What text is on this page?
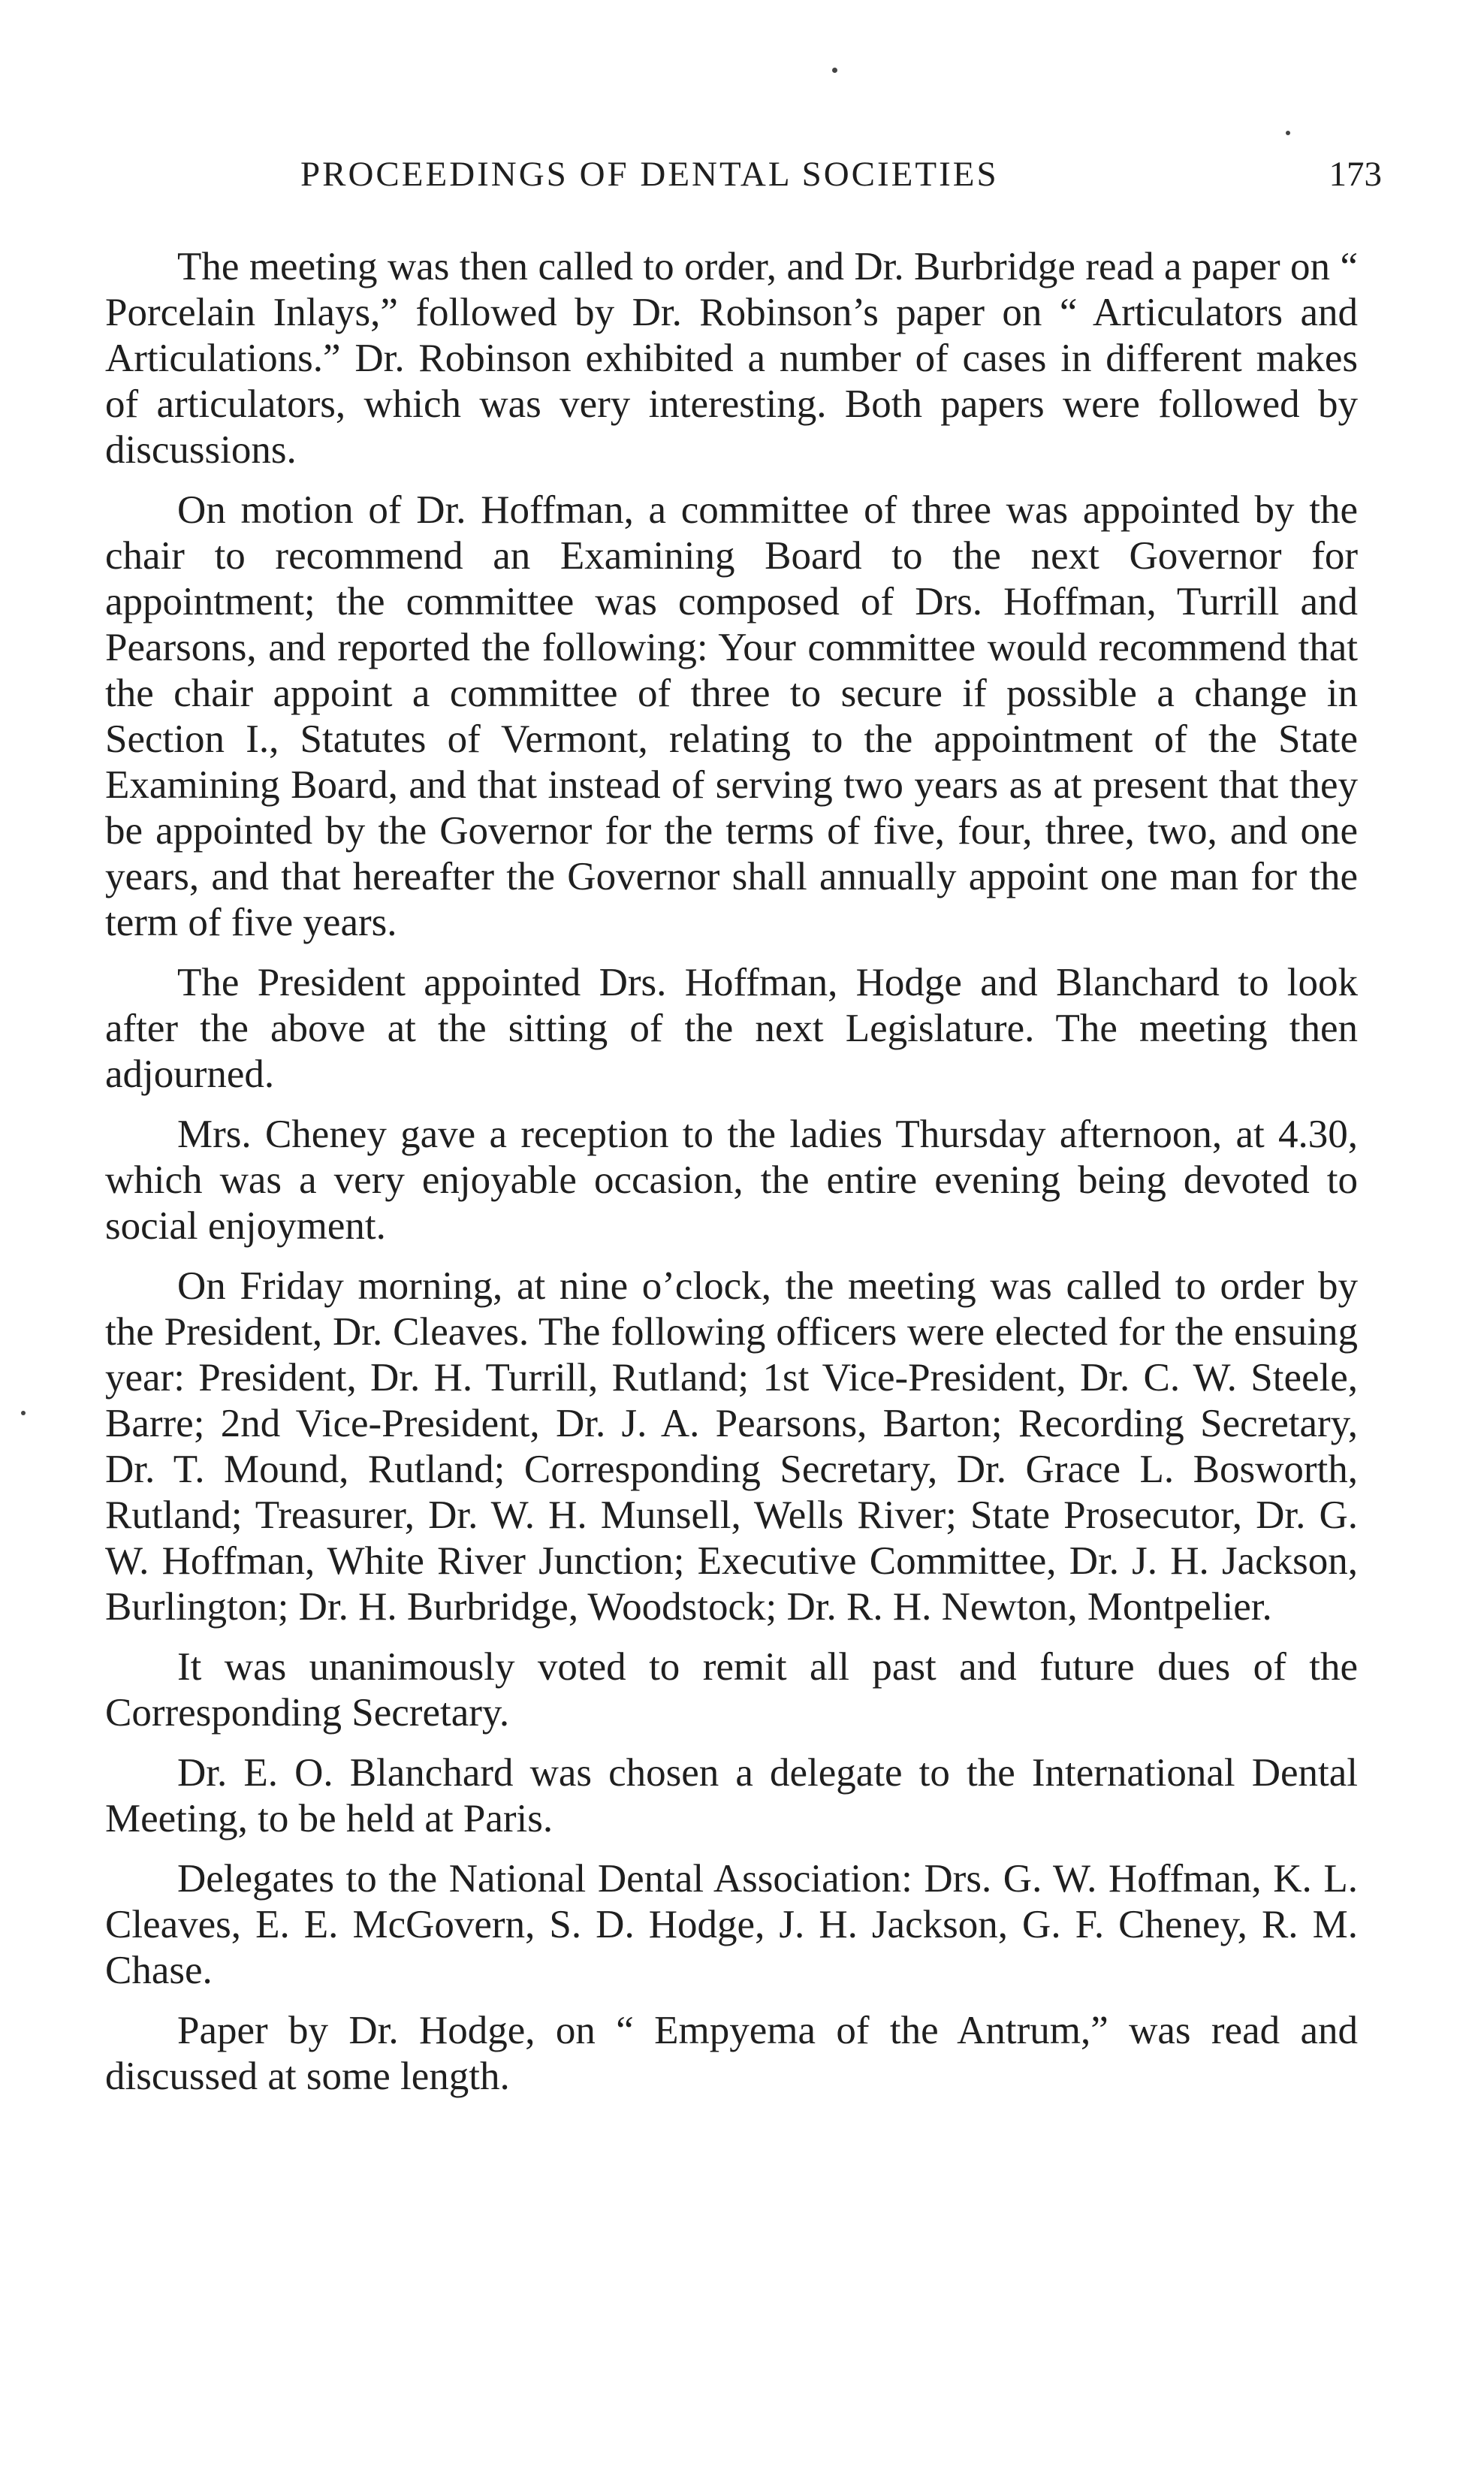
PROCEEDINGS OF DENTAL SOCIETIES	173

The meeting was then called to order, and Dr. Burbridge read a paper on “ Porcelain Inlays,” followed by Dr. Robinson’s paper on “ Articulators and Articulations.” Dr. Robinson exhibited a number of cases in different makes of articulators, which was very interesting. Both papers were followed by discussions.

On motion of Dr. Hoffman, a committee of three was appointed by the chair to recommend an Examining Board to the next Governor for appointment; the committee was composed of Drs. Hoffman, Turrill and Pearsons, and reported the following: Your committee would recommend that the chair appoint a committee of three to secure if possible a change in Section I., Statutes of Vermont, relating to the appointment of the State Examining Board, and that instead of serving two years as at present that they be appointed by the Governor for the terms of five, four, three, two, and one years, and that hereafter the Governor shall annually appoint one man for the term of five years.

The President appointed Drs. Hoffman, Hodge and Blanchard to look after the above at the sitting of the next Legislature. The meeting then adjourned.

Mrs. Cheney gave a reception to the ladies Thursday afternoon, at 4.30, which was a very enjoyable occasion, the entire evening being devoted to social enjoyment.

On Friday morning, at nine o’clock, the meeting was called to order by the President, Dr. Cleaves. The following officers were elected for the ensuing year: President, Dr. H. Turrill, Rutland; 1st Vice-President, Dr. C. W. Steele, Barre; 2nd Vice-President, Dr. J. A. Pearsons, Barton; Recording Secretary, Dr. T. Mound, Rutland; Corresponding Secretary, Dr. Grace L. Bosworth, Rutland; Treasurer, Dr. W. H. Munsell, Wells River; State Prosecutor, Dr. G. W. Hoffman, White River Junction; Executive Committee, Dr. J. H. Jackson, Burlington; Dr. H. Burbridge, Woodstock; Dr. R. H. Newton, Montpelier.

It was unanimously voted to remit all past and future dues of the Corresponding Secretary.

Dr. E. O. Blanchard was chosen a delegate to the International Dental Meeting, to be held at Paris.

Delegates to the National Dental Association: Drs. G. W. Hoffman, K. L. Cleaves, E. E. McGovern, S. D. Hodge, J. H. Jackson, G. F. Cheney, R. M. Chase.

Paper by Dr. Hodge, on “ Empyema of the Antrum,” was read and discussed at some length.
